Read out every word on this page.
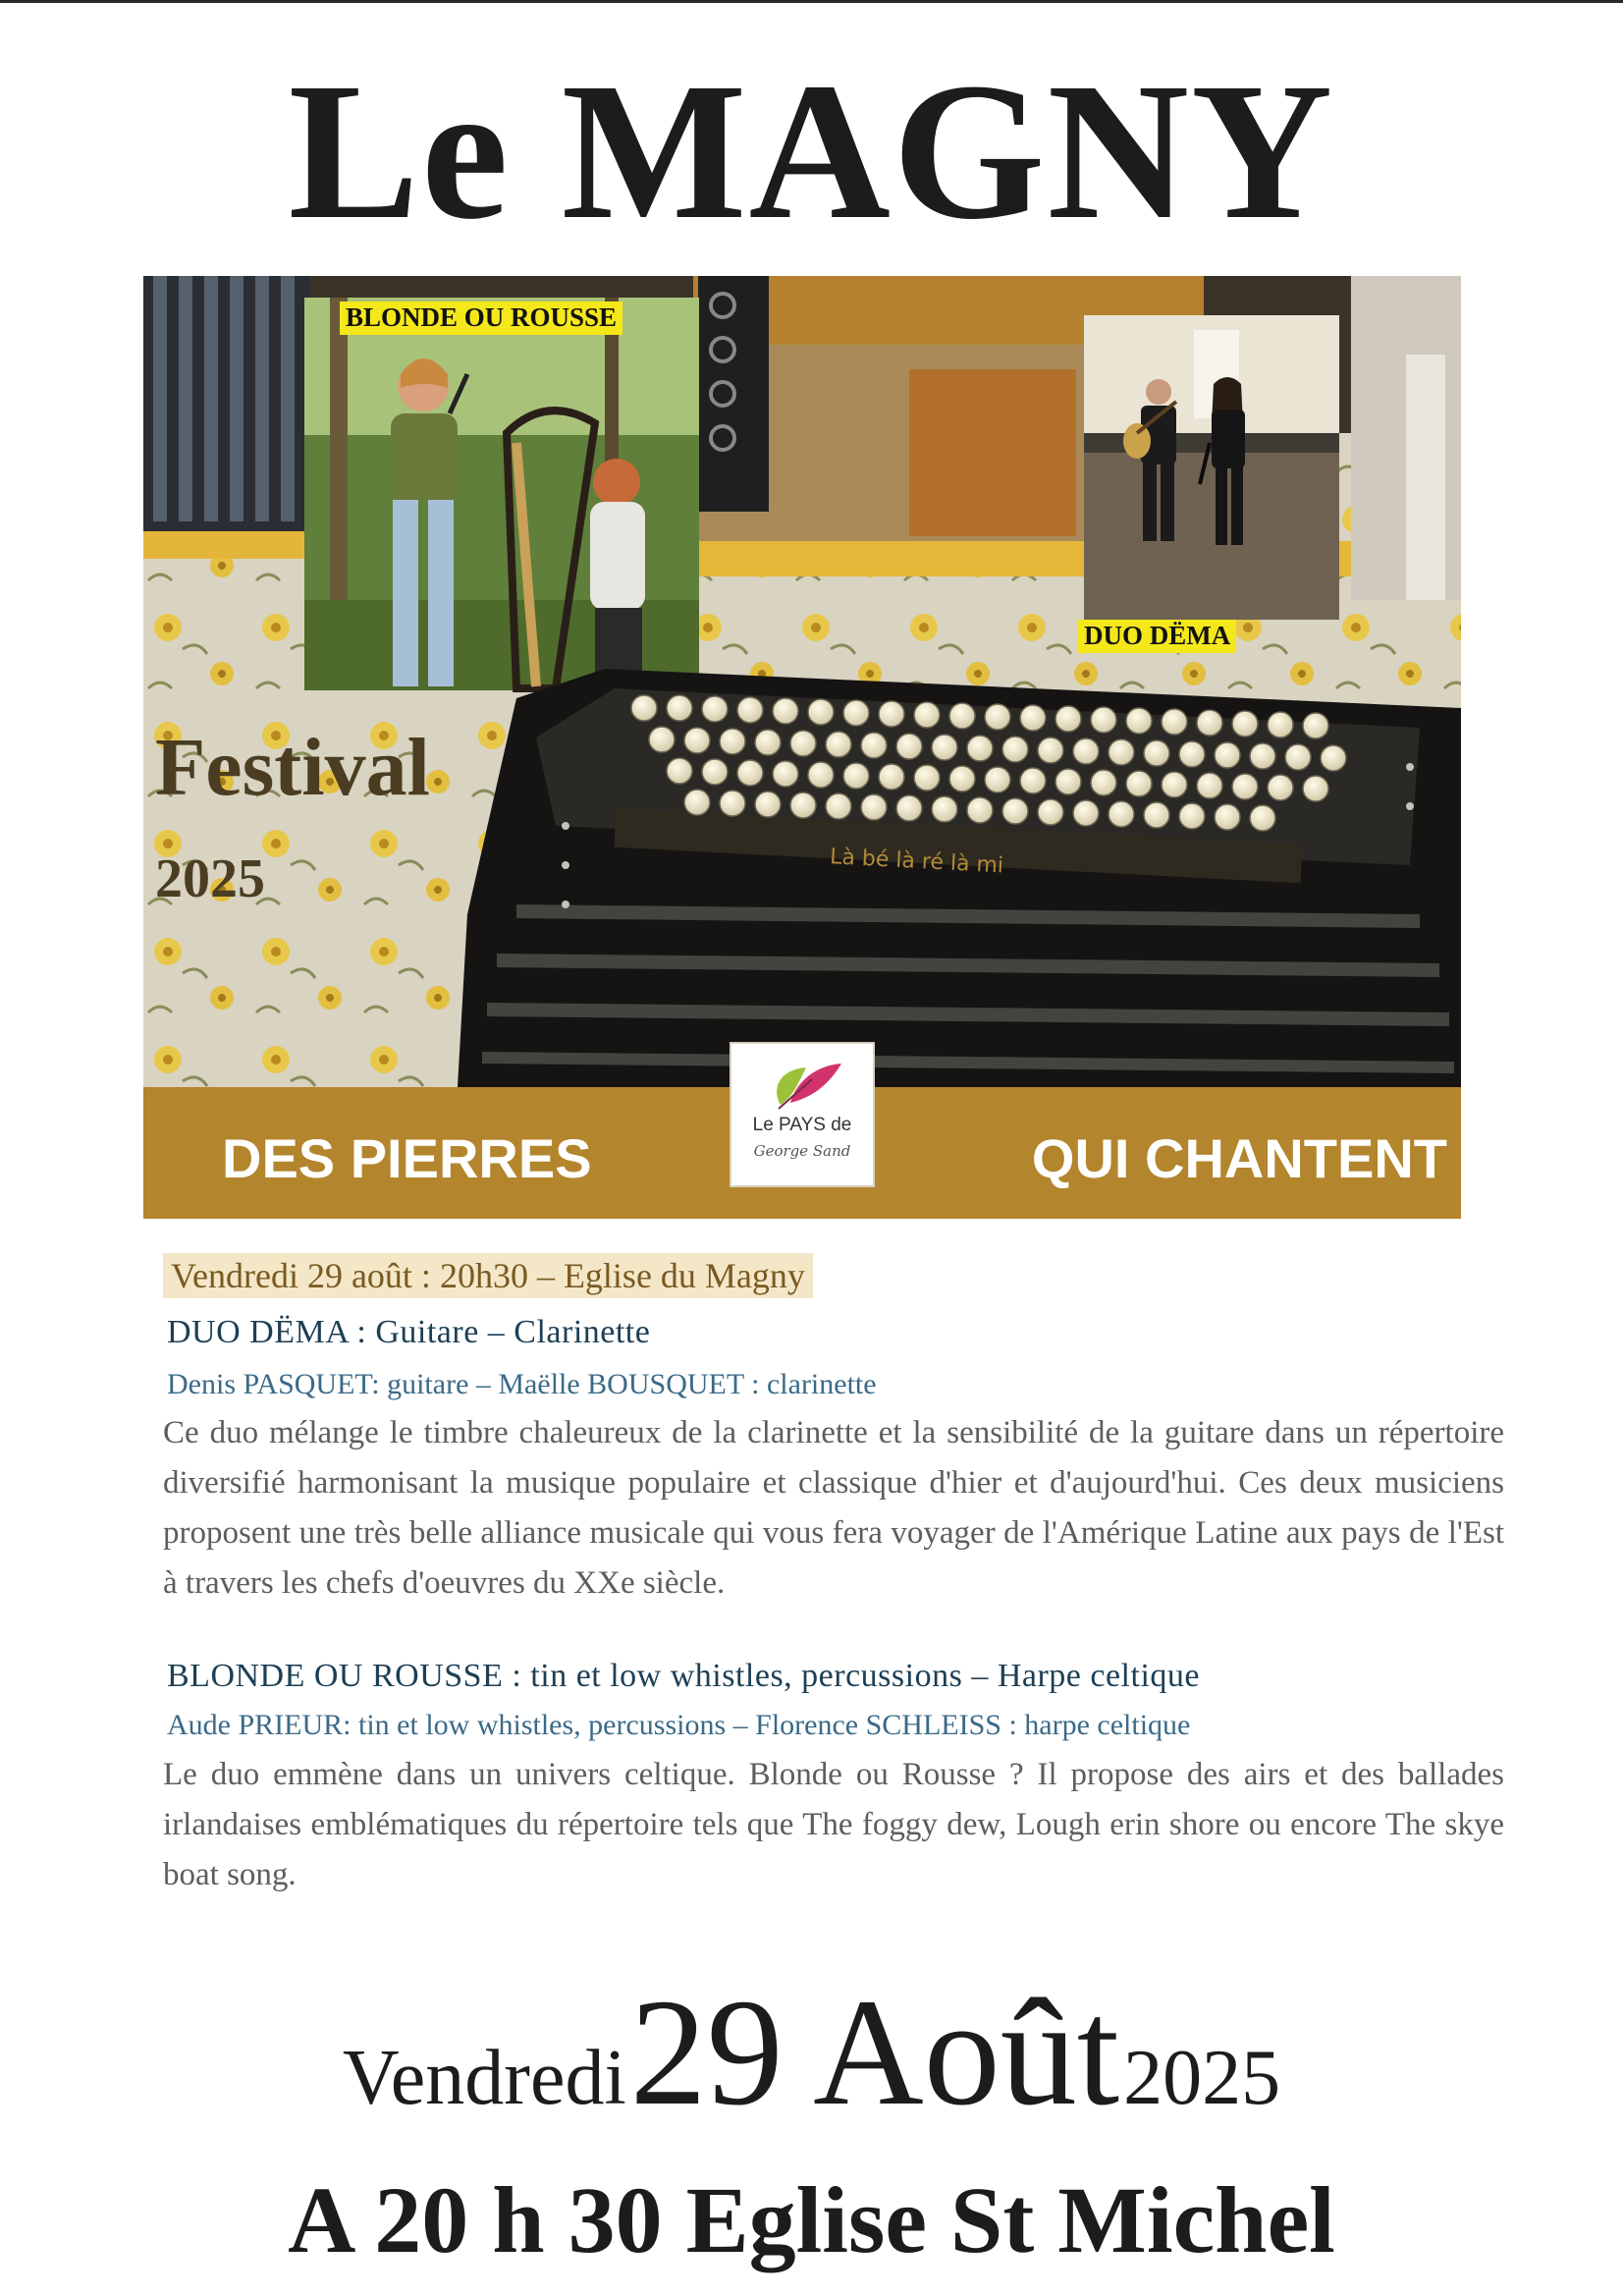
Le MAGNY
Là bé là ré là mi
BLONDE OU ROUSSE
DUO DËMA
Festival
2025
DES PIERRES	QUI CHANTENT
Le PAYS de
George Sand
Vendredi 29 août : 20h30 – Eglise du Magny
DUO DËMA : Guitare – Clarinette
Denis PASQUET: guitare – Maëlle BOUSQUET : clarinette

Ce duo mélange le timbre chaleureux de la clarinette et la sensibilité de la guitare dans un répertoire diversifié harmonisant la musique populaire et classique d'hier et d'aujourd'hui. Ces deux musiciens proposent une très belle alliance musicale qui vous fera voyager de l'Amérique Latine aux pays de l'Est à travers les chefs d'oeuvres du XXe siècle.

BLONDE OU ROUSSE : tin et low whistles, percussions – Harpe celtique
Aude PRIEUR: tin et low whistles, percussions – Florence SCHLEISS : harpe celtique

Le duo emmène dans un univers celtique. Blonde ou Rousse ? Il propose des airs et des ballades irlandaises emblématiques du répertoire tels que The foggy dew, Lough erin shore ou encore The skye boat song.

Vendredi 29 Août 2025
A 20 h 30 Eglise St Michel
